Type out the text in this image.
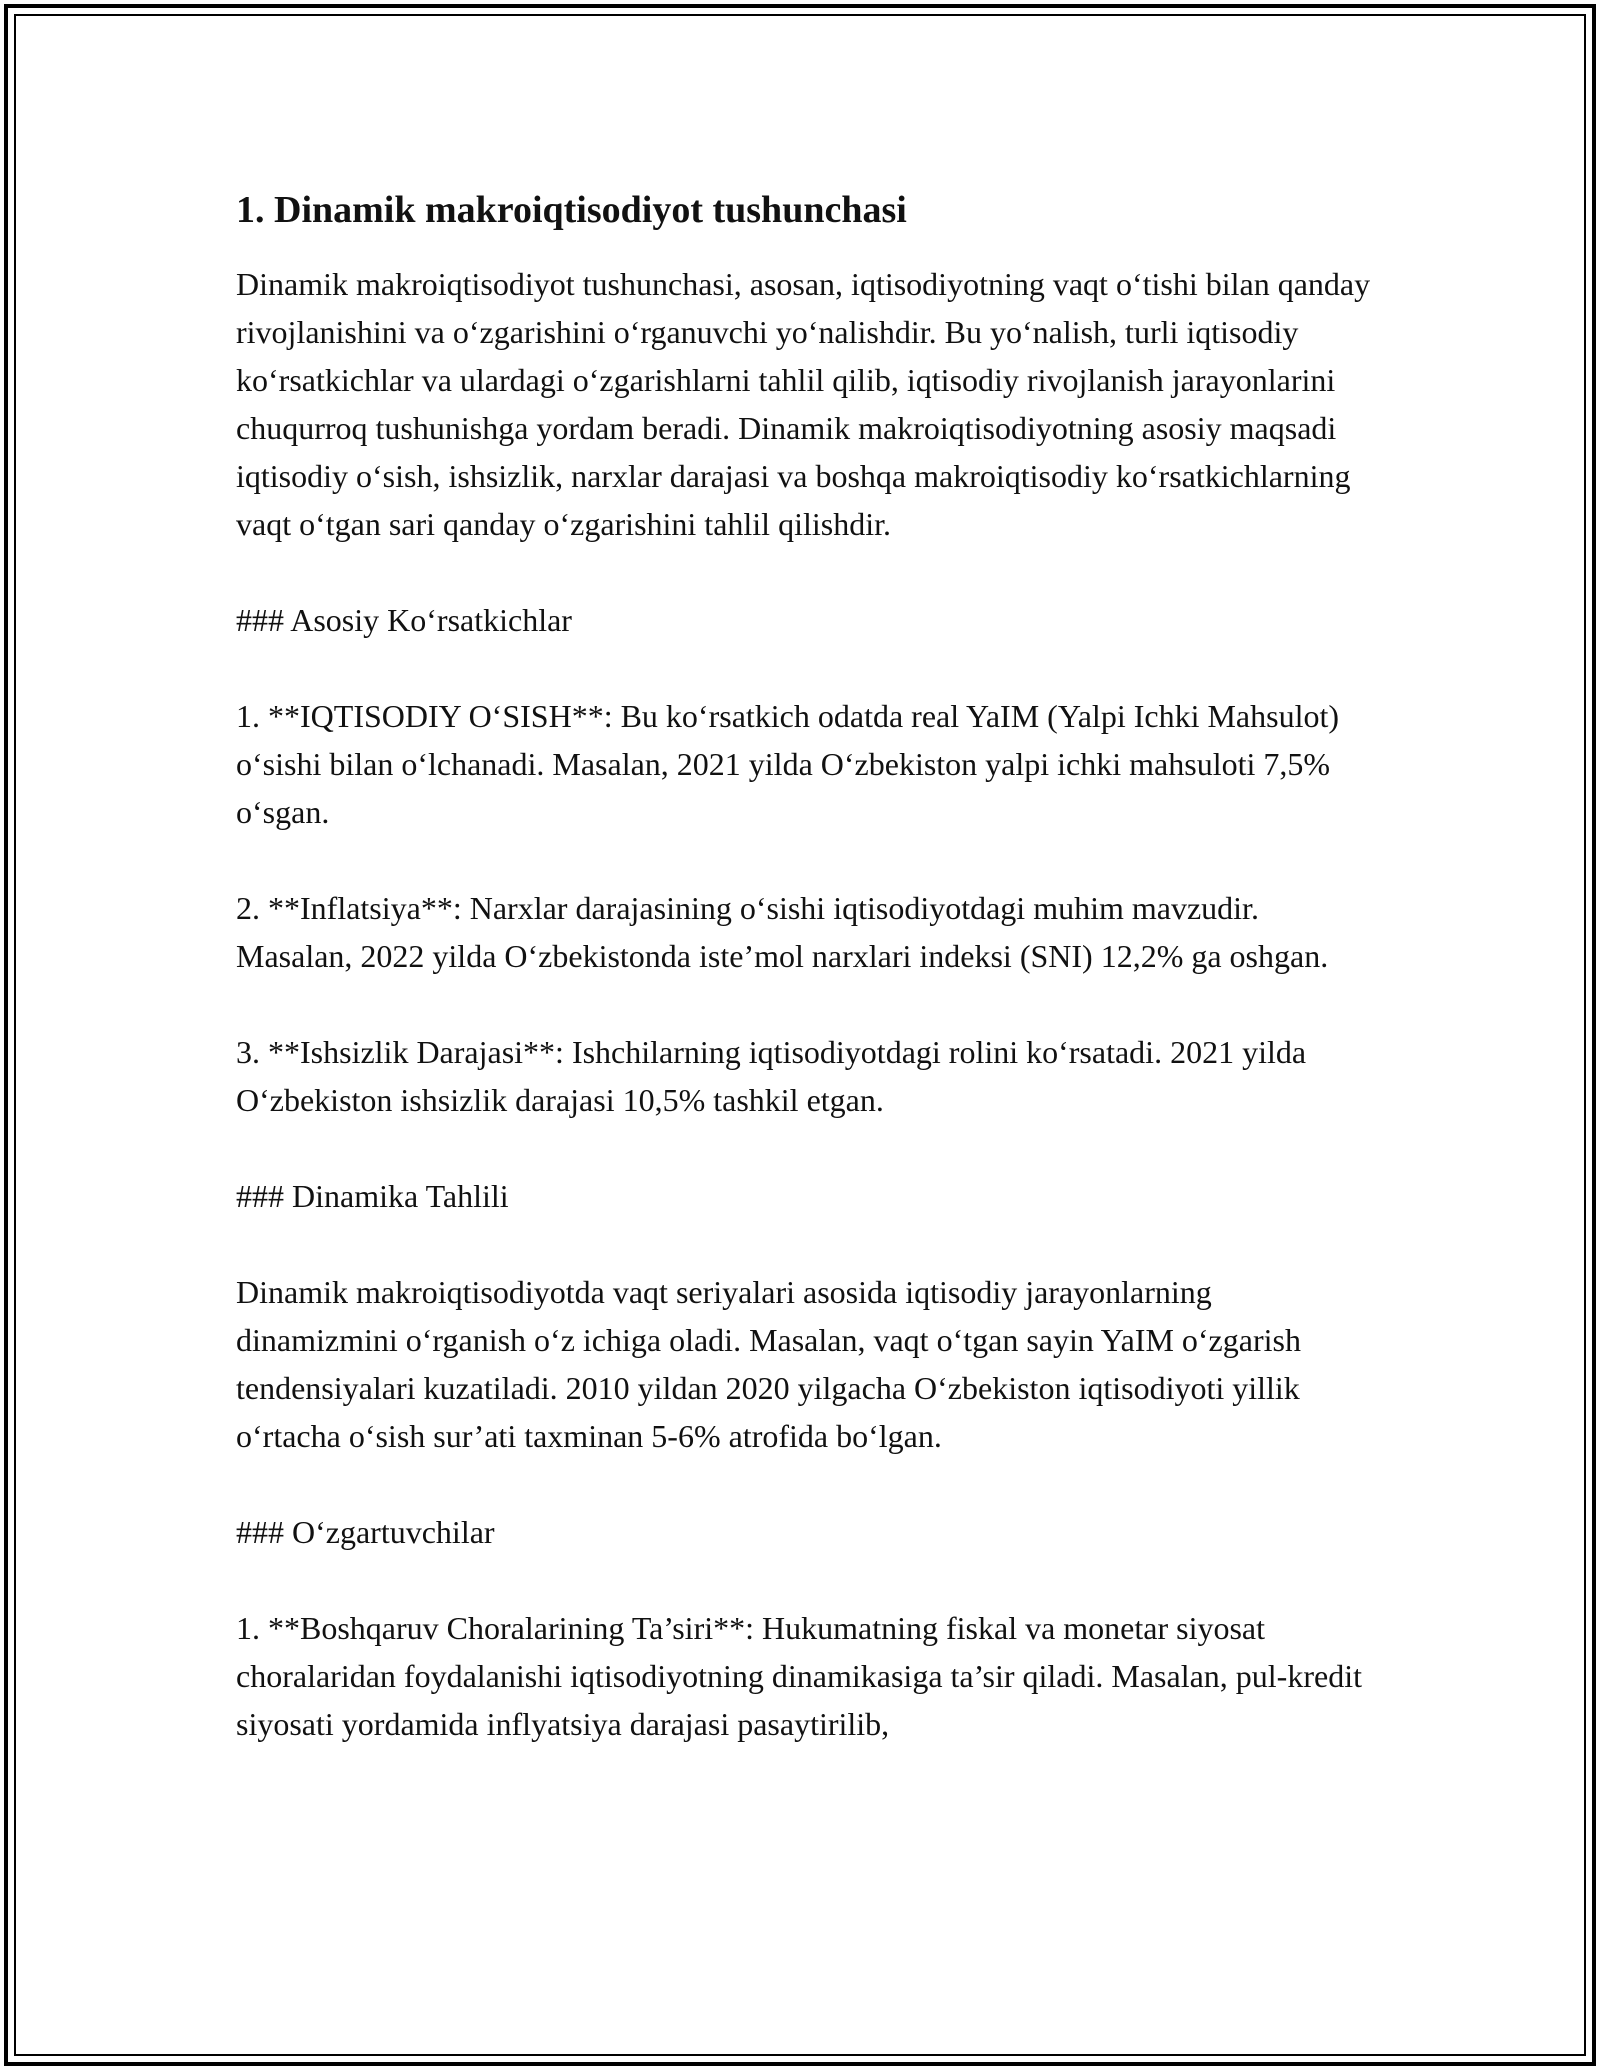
1. Dinamik makroiqtisodiyot tushunchasi

Dinamik makroiqtisodiyot tushunchasi, asosan, iqtisodiyotning vaqt o‘tishi bilan qanday rivojlanishini va o‘zgarishini o‘rganuvchi yo‘nalishdir. Bu yo‘nalish, turli iqtisodiy ko‘rsatkichlar va ulardagi o‘zgarishlarni tahlil qilib, iqtisodiy rivojlanish jarayonlarini chuqurroq tushunishga yordam beradi. Dinamik makroiqtisodiyotning asosiy maqsadi iqtisodiy o‘sish, ishsizlik, narxlar darajasi va boshqa makroiqtisodiy ko‘rsatkichlarning vaqt o‘tgan sari qanday o‘zgarishini tahlil qilishdir.

### Asosiy Ko‘rsatkichlar

1. **IQTISODIY O‘SISH**: Bu ko‘rsatkich odatda real YaIM (Yalpi Ichki Mahsulot) o‘sishi bilan o‘lchanadi. Masalan, 2021 yilda O‘zbekiston yalpi ichki mahsuloti 7,5% o‘sgan.

2. **Inflatsiya**: Narxlar darajasining o‘sishi iqtisodiyotdagi muhim mavzudir. Masalan, 2022 yilda O‘zbekistonda iste’mol narxlari indeksi (SNI) 12,2% ga oshgan.

3. **Ishsizlik Darajasi**: Ishchilarning iqtisodiyotdagi rolini ko‘rsatadi. 2021 yilda O‘zbekiston ishsizlik darajasi 10,5% tashkil etgan.

### Dinamika Tahlili

Dinamik makroiqtisodiyotda vaqt seriyalari asosida iqtisodiy jarayonlarning dinamizmini o‘rganish o‘z ichiga oladi. Masalan, vaqt o‘tgan sayin YaIM o‘zgarish tendensiyalari kuzatiladi. 2010 yildan 2020 yilgacha O‘zbekiston iqtisodiyoti yillik o‘rtacha o‘sish sur’ati taxminan 5-6% atrofida bo‘lgan.

### O‘zgartuvchilar

1. **Boshqaruv Choralarining Ta’siri**: Hukumatning fiskal va monetar siyosat choralaridan foydalanishi iqtisodiyotning dinamikasiga ta’sir qiladi. Masalan, pul-kredit siyosati yordamida inflyatsiya darajasi pasaytirilib,
